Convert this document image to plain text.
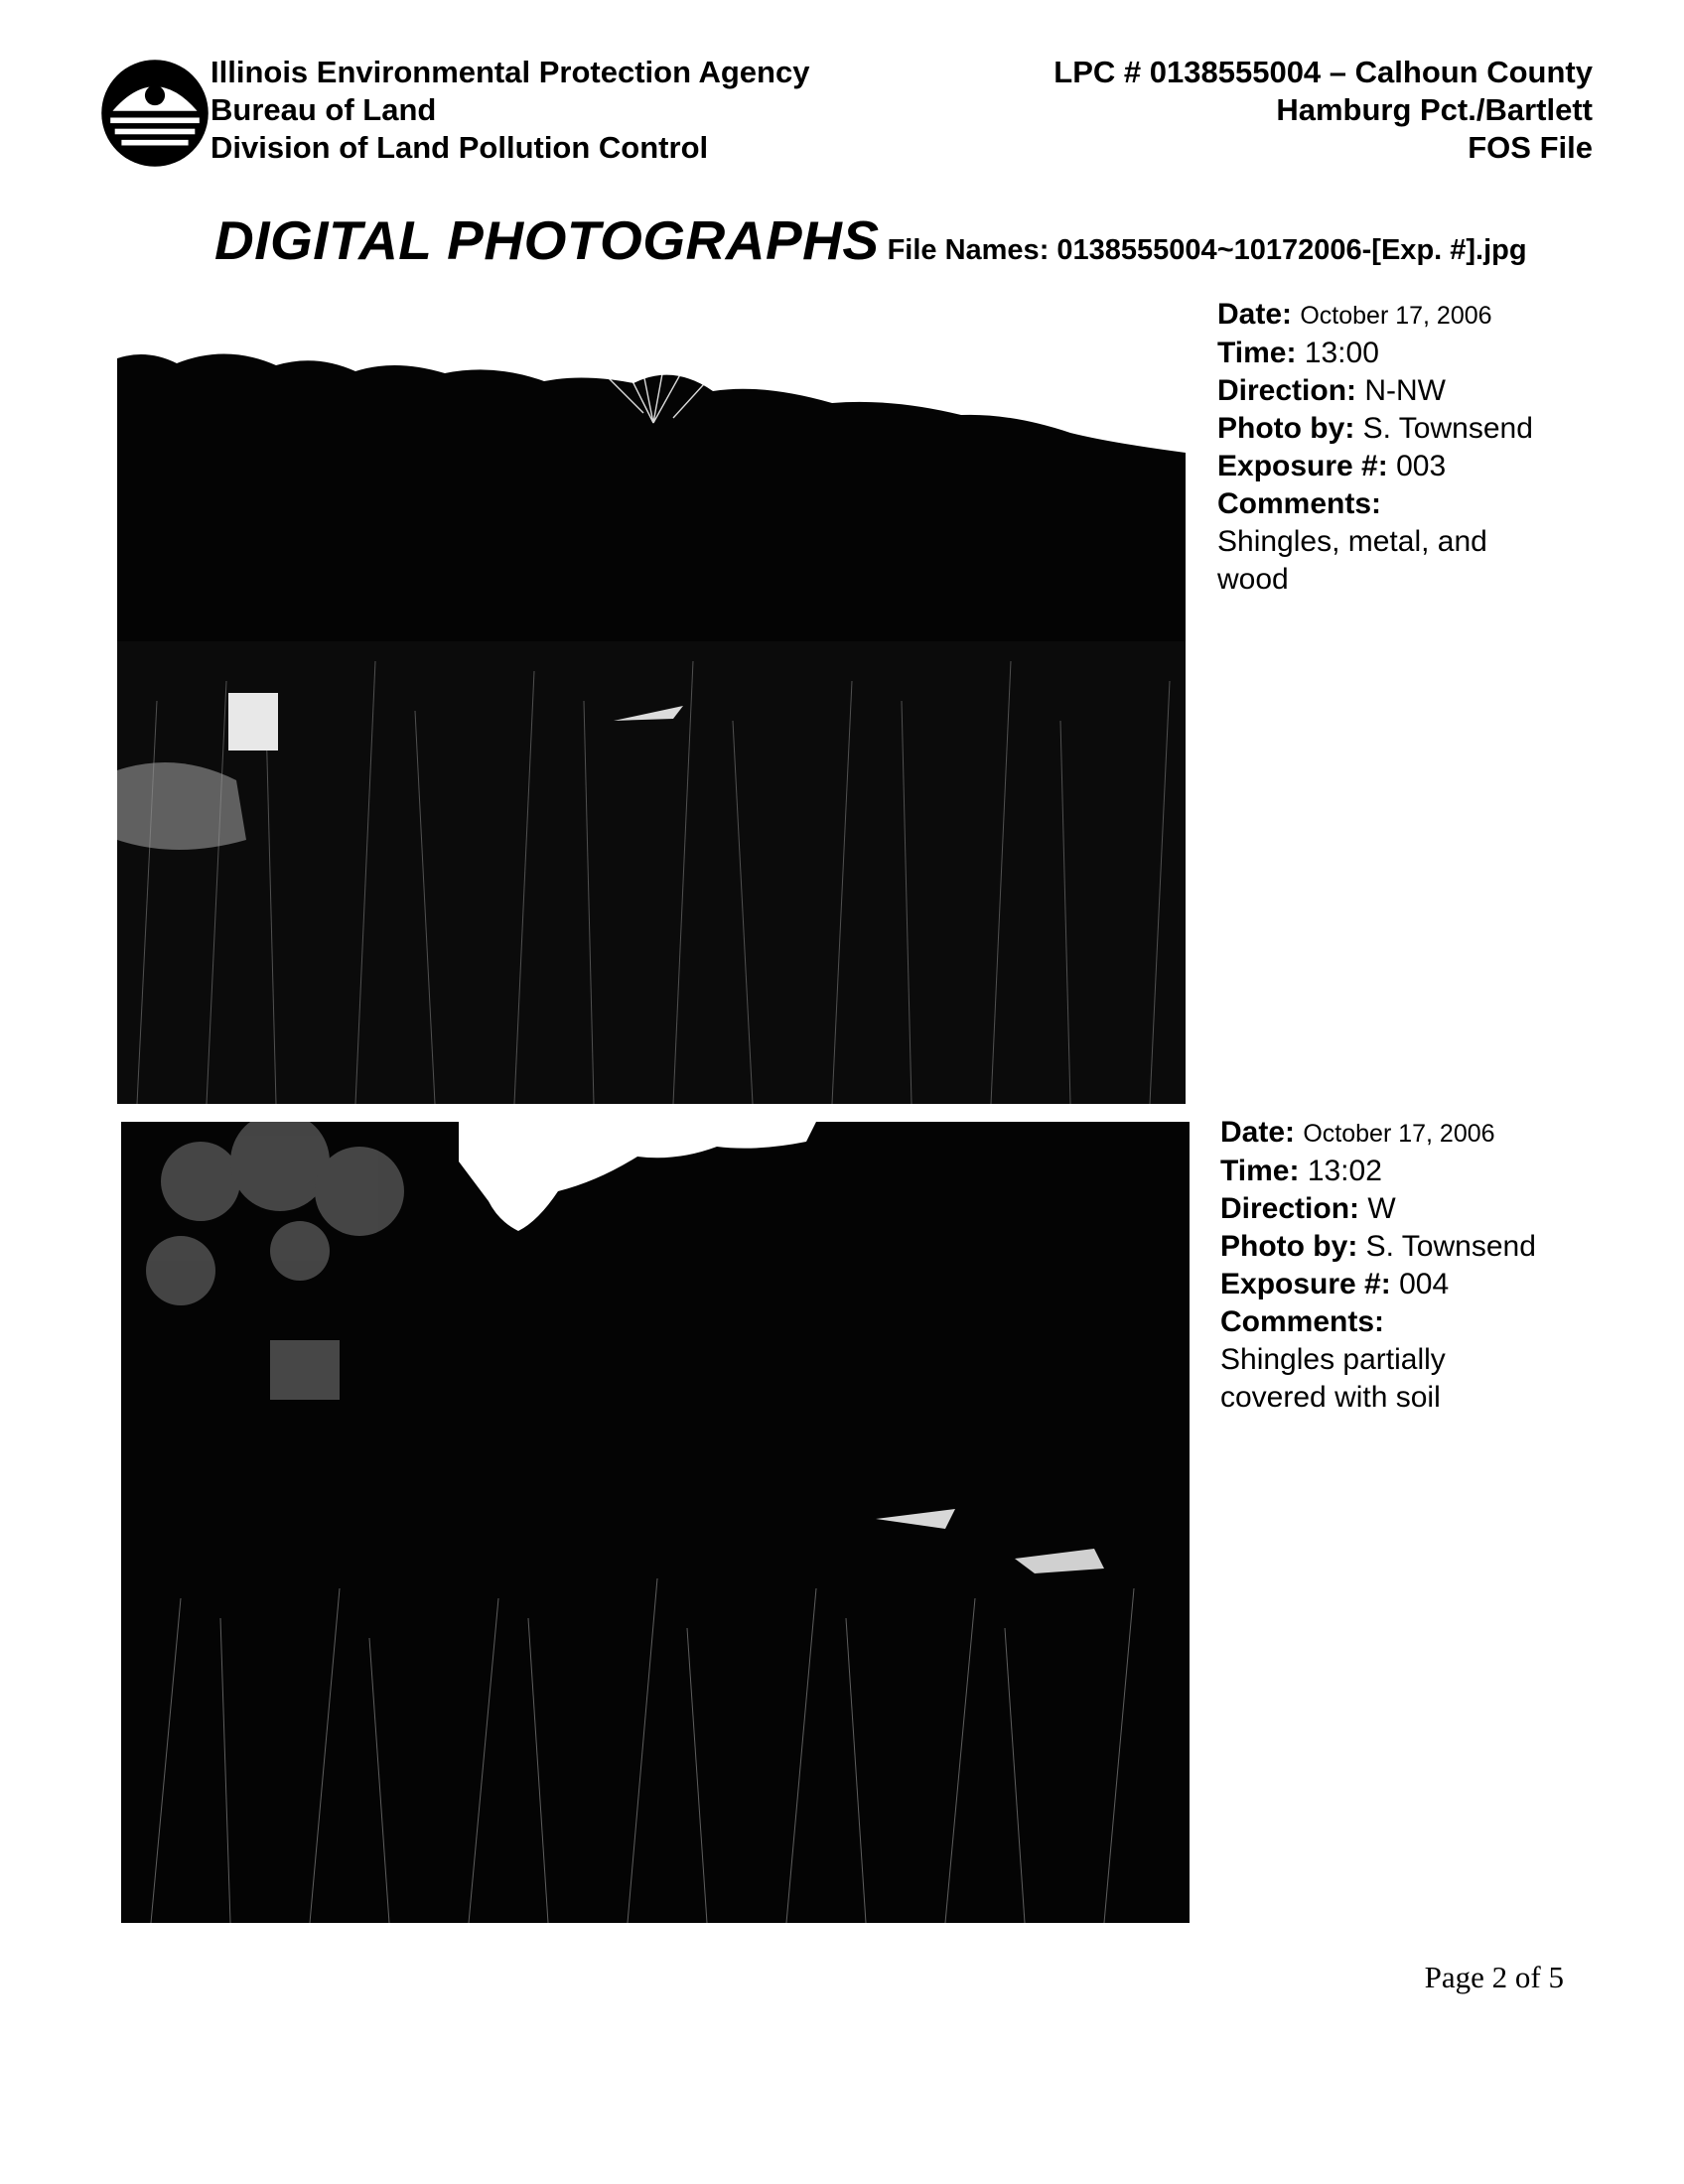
Illinois Environmental Protection Agency
Bureau of Land
Division of Land Pollution Control
LPC # 0138555004 – Calhoun County
Hamburg Pct./Bartlett
FOS File
DIGITAL PHOTOGRAPHS File Names: 0138555004~10172006-[Exp. #].jpg
Date: October 17, 2006
Time: 13:00
Direction: N-NW
Photo by: S. Townsend
Exposure #: 003
Comments:
Shingles, metal, and wood
Date: October 17, 2006
Time: 13:02
Direction: W
Photo by: S. Townsend
Exposure #: 004
Comments:
Shingles partially covered with soil
Page 2 of 5
